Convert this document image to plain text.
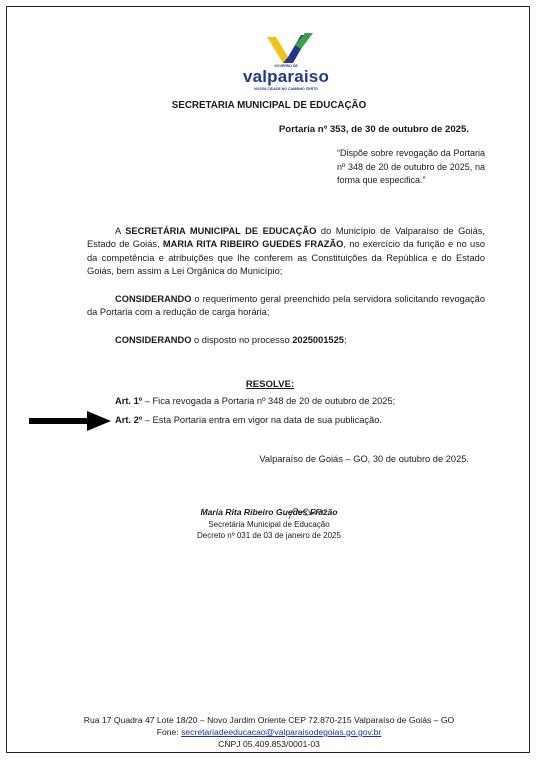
GOVERNO DE
valparaiso
NOSSA CIDADE NO CAMINHO CERTO
SECRETARIA MUNICIPAL DE EDUCAÇÃO
Portaria nº 353, de 30 de outubro de 2025.
“Dispõe sobre revogação da Portaria nº 348 de 20 de outubro de 2025, na forma que especifica.”
A SECRETÁRIA MUNICIPAL DE EDUCAÇÃO do Município de Valparaíso de Goiás, Estado de Goiás, MARIA RITA RIBEIRO GUEDES FRAZÃO, no exercício da função e no uso da competência e atribuições que lhe conferem as Constituições da República e do Estado Goiás, bem assim a Lei Orgânica do Município;
CONSIDERANDO o requerimento geral preenchido pela servidora solicitando revogação da Portaria com a redução de carga horária;
CONSIDERANDO o disposto no processo 2025001525;
RESOLVE:
Art. 1º – Fica revogada a Portaria nº 348 de 20 de outubro de 2025;
Art. 2º – Esta Portaria entra em vigor na data de sua publicação.
Valparaíso de Goiás – GO, 30 de outubro de 2025.
Maria Rita Ribeiro Guedes Frazão
Secretária Municipal de Educação
Decreto nº 031 de 03 de janeiro de 2025
Rua 17 Quadra 47 Lote 18/20 – Novo Jardim Oriente CEP 72.870-215 Valparaíso de Goiás – GO
Fone: secretariadeeducacao@valparaisodegoias.go.gov.br
CNPJ 05.409.853/0001-03
